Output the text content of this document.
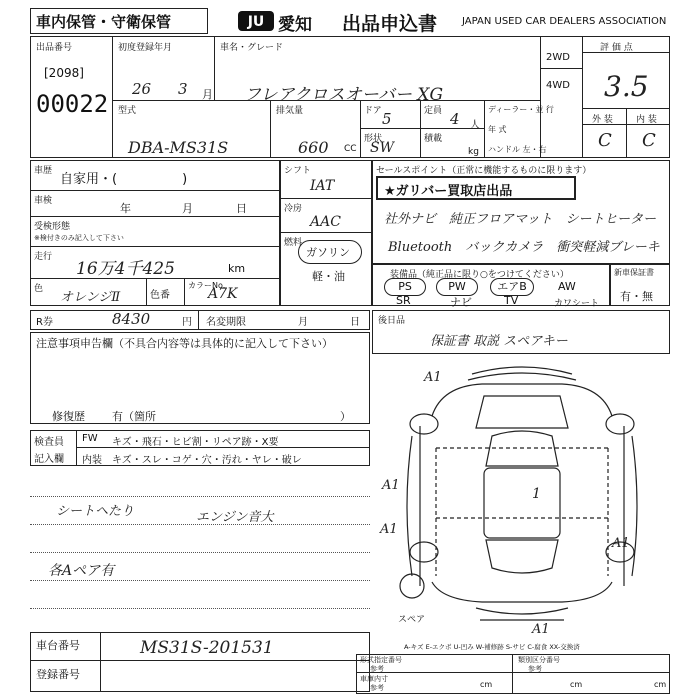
車内保管・守衛保管	JU 愛知 出品申込書 JAPAN USED CAR DEALERS ASSOCIATION
出品番号
[2098]
00022
初度登録年月
26 3 月
車名・グレード
フレアクロスオーバー XG
2WD
4WD
評 価 点
3.5
外 装	内 装
C C
型式
DBA-MS31S
排気量
660 CC
ドア 5	定員 4 人
形状
SW
積載
kg
ディーラー・並 行
年 式
ハンドル 左・右
車歴
自家用・(　　　　　)
車検
年	月	日
受検形態
※検付きのみ記入して下さい
走行
16万4千425	km
色
オレンジⅡ	色番
カラーNo.
A7K
シフト
IAT
冷房
AAC
燃料
ガソリン
軽・油
セールスポイント（正常に機能するものに限ります）
★ガリバー買取店出品
社外ナビ　純正フロアマット　シートヒーター
Bluetooth　バックカメラ　衝突軽減ブレーキ
装備品（純正品に限り○をつけてください）
PS	PW	エアB	AW
SR	ナビ	TV	カワシート
新車保証書
有・無
R券	8430	円 名変期限	月	日 後日品
保証書 取説 スペアキー
注意事項申告欄（不具合内容等は具体的に記入して下さい）
修復歴 有（箇所	）
検査員
記入欄
FW キズ・飛石・ヒビ割・リペア跡・X要
内装 キズ・スレ・コゲ・穴・汚れ・ヤレ・破レ
シートヘたり	エンジン音大
各Aペア有
A1
A1
A1
1
A1
A1
スペア
A-キズ E-エクボ U-凹み W-補修跡 S-サビ C-腐食 XX-交換済
車台番号	MS31S-201531
登録番号
形式指定番号
参考
類別区分番号
参考
車庫内寸
参考	cm	cm	cm
